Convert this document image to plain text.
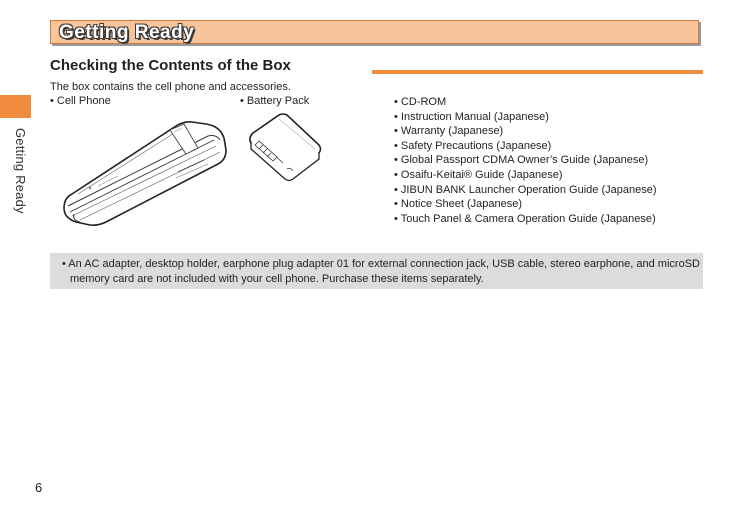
Getting Ready
Getting Ready
Checking the Contents of the Box
The box contains the cell phone and accessories.
• Cell Phone	• Battery Pack
•	CD-ROM
• Instruction Manual (Japanese)
• Warranty (Japanese)
• Safety Precautions (Japanese)
• Global Passport CDMA Owner’s Guide (Japanese)
• Osaifu-Keitai® Guide (Japanese)
• JIBUN BANK Launcher Operation Guide (Japanese)
• Notice Sheet (Japanese)
• Touch Panel & Camera Operation Guide (Japanese)
• An AC adapter, desktop holder, earphone plug adapter 01 for external connection jack, USB cable, stereo earphone, and microSD memory card are not included with your cell phone. Purchase these items separately.
6
